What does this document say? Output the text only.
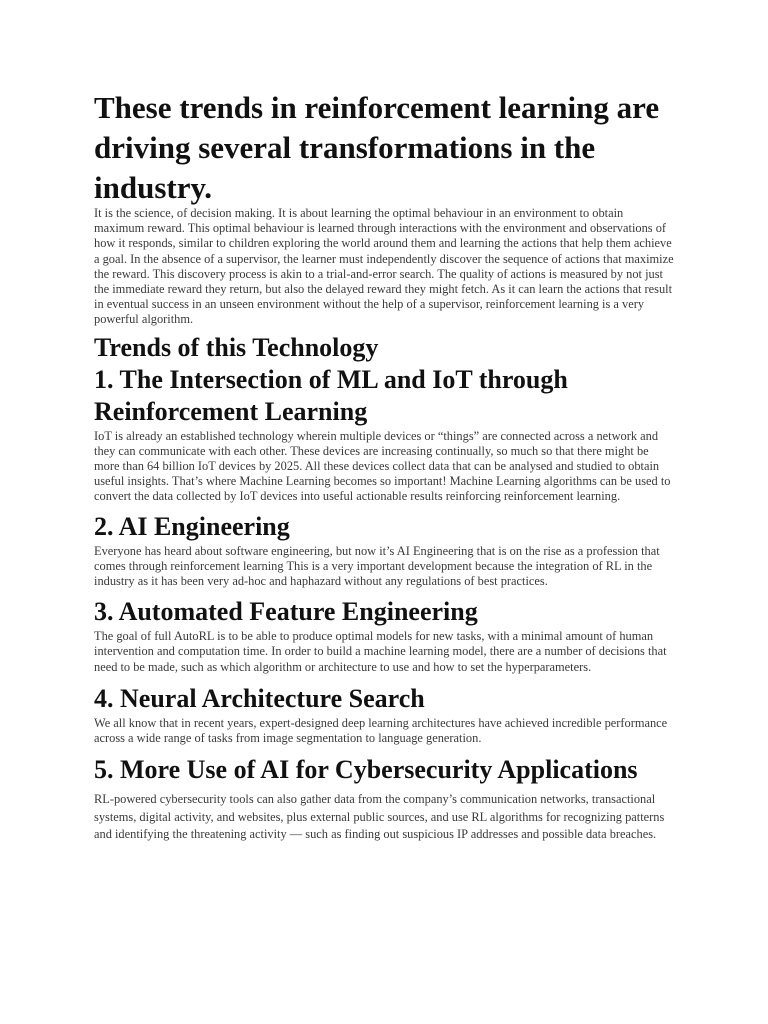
These trends in reinforcement learning are driving several transformations in the industry.

It is the science, of decision making. It is about learning the optimal behaviour in an environment to obtain maximum reward. This optimal behaviour is learned through interactions with the environment and observations of how it responds, similar to children exploring the world around them and learning the actions that help them achieve a goal. In the absence of a supervisor, the learner must independently discover the sequence of actions that maximize the reward. This discovery process is akin to a trial-and-error search. The quality of actions is measured by not just the immediate reward they return, but also the delayed reward they might fetch. As it can learn the actions that result in eventual success in an unseen environment without the help of a supervisor, reinforcement learning is a very powerful algorithm.

Trends of this Technology
1. The Intersection of ML and IoT through Reinforcement Learning

IoT is already an established technology wherein multiple devices or “things” are connected across a network and they can communicate with each other. These devices are increasing continually, so much so that there might be more than 64 billion IoT devices by 2025. All these devices collect data that can be analysed and studied to obtain useful insights. That’s where Machine Learning becomes so important! Machine Learning algorithms can be used to convert the data collected by IoT devices into useful actionable results reinforcing reinforcement learning.

2. AI Engineering

Everyone has heard about software engineering, but now it’s AI Engineering that is on the rise as a profession that comes through reinforcement learning This is a very important development because the integration of RL in the industry as it has been very ad-hoc and haphazard without any regulations of best practices.

3. Automated Feature Engineering

The goal of full AutoRL is to be able to produce optimal models for new tasks, with a minimal amount of human intervention and computation time. In order to build a machine learning model, there are a number of decisions that need to be made, such as which algorithm or architecture to use and how to set the hyperparameters.

4. Neural Architecture Search

We all know that in recent years, expert-designed deep learning architectures have achieved incredible performance across a wide range of tasks from image segmentation to language generation.

5. More Use of AI for Cybersecurity Applications

RL-powered cybersecurity tools can also gather data from the company’s communication networks, transactional systems, digital activity, and websites, plus external public sources, and use RL algorithms for recognizing patterns and identifying the threatening activity — such as finding out suspicious IP addresses and possible data breaches.
